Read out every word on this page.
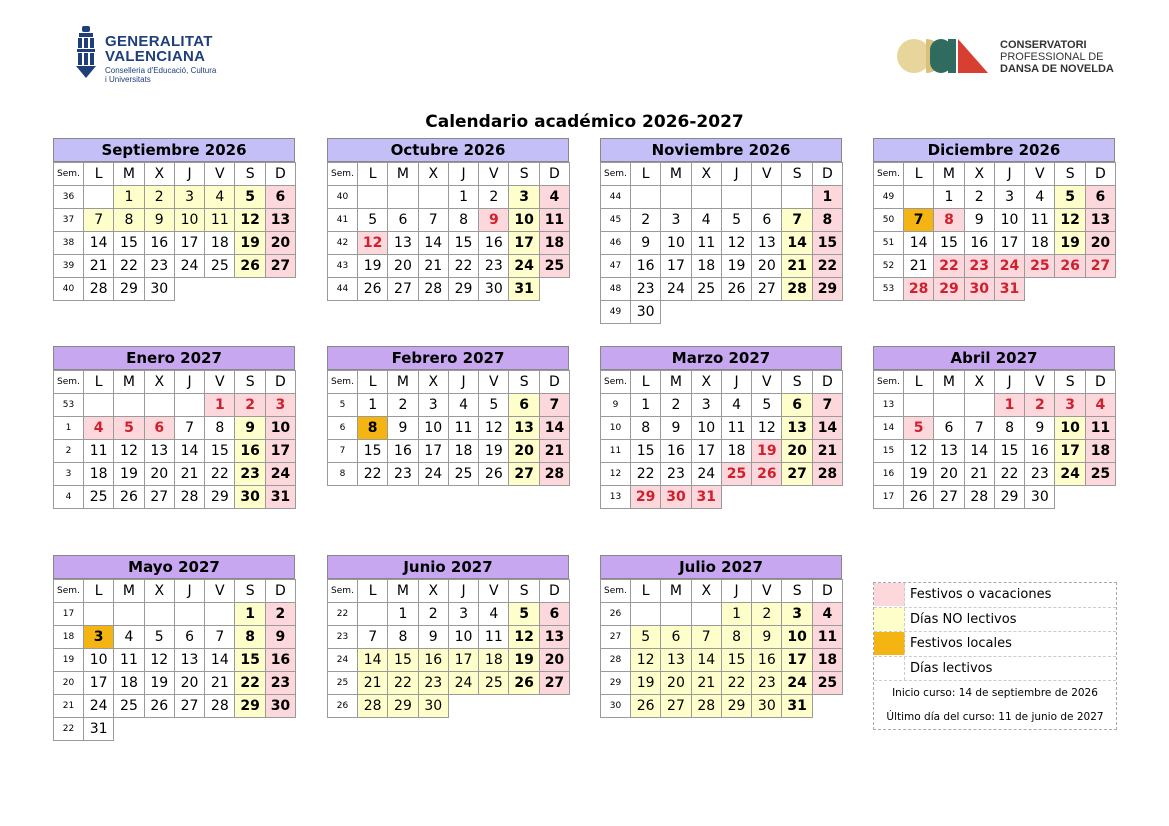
GENERALITAT
VALENCIANA
Conselleria d'Educació, Cultura
i Universitats
CONSERVATORI
PROFESSIONAL DE
DANSA DE NOVELDA
Calendario académico 2026-2027
Septiembre 2026
Sem.	L	M	X	J	V	S	D
36		1	2	3	4	5	6
37	7	8	9	10	11	12	13
38	14	15	16	17	18	19	20
39	21	22	23	24	25	26	27
40	28	29	30				
Octubre 2026
Sem.	L	M	X	J	V	S	D
40				1	2	3	4
41	5	6	7	8	9	10	11
42	12	13	14	15	16	17	18
43	19	20	21	22	23	24	25
44	26	27	28	29	30	31	
Noviembre 2026
Sem.	L	M	X	J	V	S	D
44							1
45	2	3	4	5	6	7	8
46	9	10	11	12	13	14	15
47	16	17	18	19	20	21	22
48	23	24	25	26	27	28	29
49	30						
Diciembre 2026
Sem.	L	M	X	J	V	S	D
49		1	2	3	4	5	6
50	7	8	9	10	11	12	13
51	14	15	16	17	18	19	20
52	21	22	23	24	25	26	27
53	28	29	30	31			
Enero 2027
Sem.	L	M	X	J	V	S	D
53					1	2	3
1	4	5	6	7	8	9	10
2	11	12	13	14	15	16	17
3	18	19	20	21	22	23	24
4	25	26	27	28	29	30	31
Febrero 2027
Sem.	L	M	X	J	V	S	D
5	1	2	3	4	5	6	7
6	8	9	10	11	12	13	14
7	15	16	17	18	19	20	21
8	22	23	24	25	26	27	28
Marzo 2027
Sem.	L	M	X	J	V	S	D
9	1	2	3	4	5	6	7
10	8	9	10	11	12	13	14
11	15	16	17	18	19	20	21
12	22	23	24	25	26	27	28
13	29	30	31				
Abril 2027
Sem.	L	M	X	J	V	S	D
13				1	2	3	4
14	5	6	7	8	9	10	11
15	12	13	14	15	16	17	18
16	19	20	21	22	23	24	25
17	26	27	28	29	30		
Mayo 2027
Sem.	L	M	X	J	V	S	D
17						1	2
18	3	4	5	6	7	8	9
19	10	11	12	13	14	15	16
20	17	18	19	20	21	22	23
21	24	25	26	27	28	29	30
22	31						
Junio 2027
Sem.	L	M	X	J	V	S	D
22		1	2	3	4	5	6
23	7	8	9	10	11	12	13
24	14	15	16	17	18	19	20
25	21	22	23	24	25	26	27
26	28	29	30				
Julio 2027
Sem.	L	M	X	J	V	S	D
26				1	2	3	4
27	5	6	7	8	9	10	11
28	12	13	14	15	16	17	18
29	19	20	21	22	23	24	25
30	26	27	28	29	30	31	
Festivos o vacaciones
Días NO lectivos
Festivos locales
Días lectivos
Inicio curso: 14 de septiembre de 2026
Último día del curso: 11 de junio de 2027
